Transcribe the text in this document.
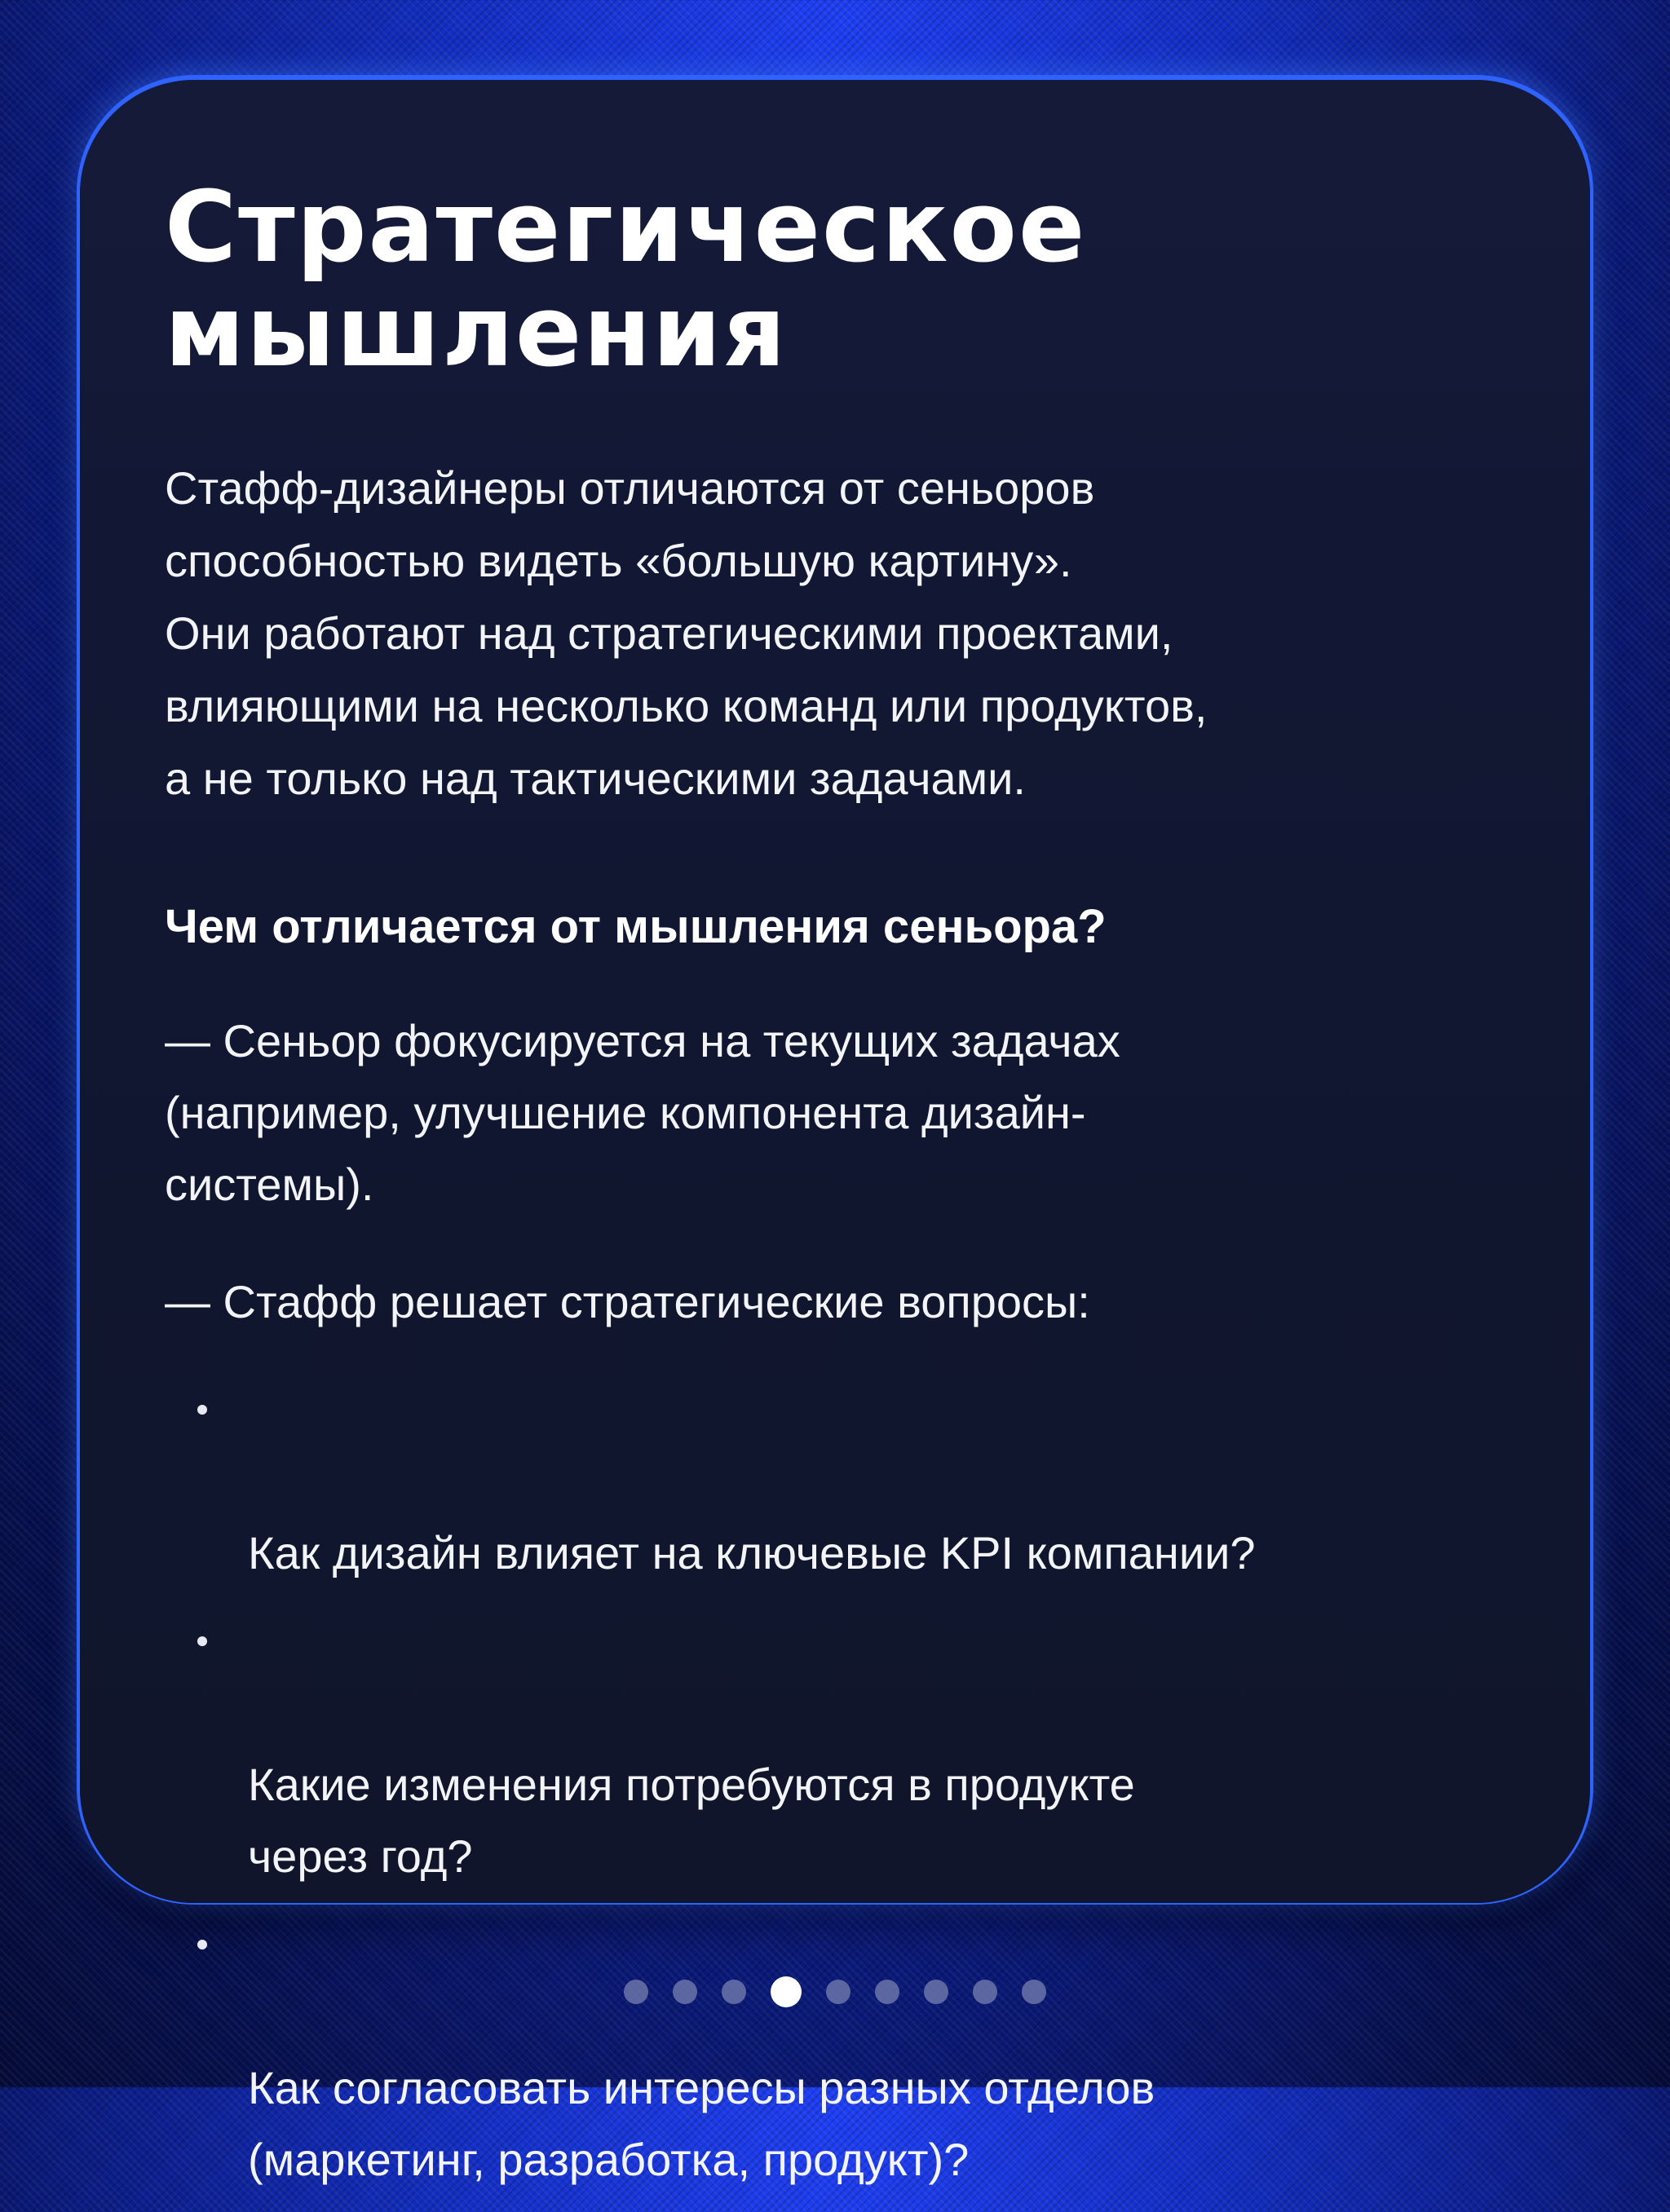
Стратегическое
мышления

Стафф-дизайнеры отличаются от сеньоров
способностью видеть «большую картину».
Они работают над стратегическими проектами,
влияющими на несколько команд или продуктов,
а не только над тактическими задачами.

Чем отличается от мышления сеньора?

— Сеньор фокусируется на текущих задачах
(например, улучшение компонента дизайн-
системы).

— Стафф решает стратегические вопросы:

Как дизайн влияет на ключевые KPI компании?

Какие изменения потребуются в продукте
через год?

Как согласовать интересы разных отделов
(маркетинг, разработка, продукт)?
